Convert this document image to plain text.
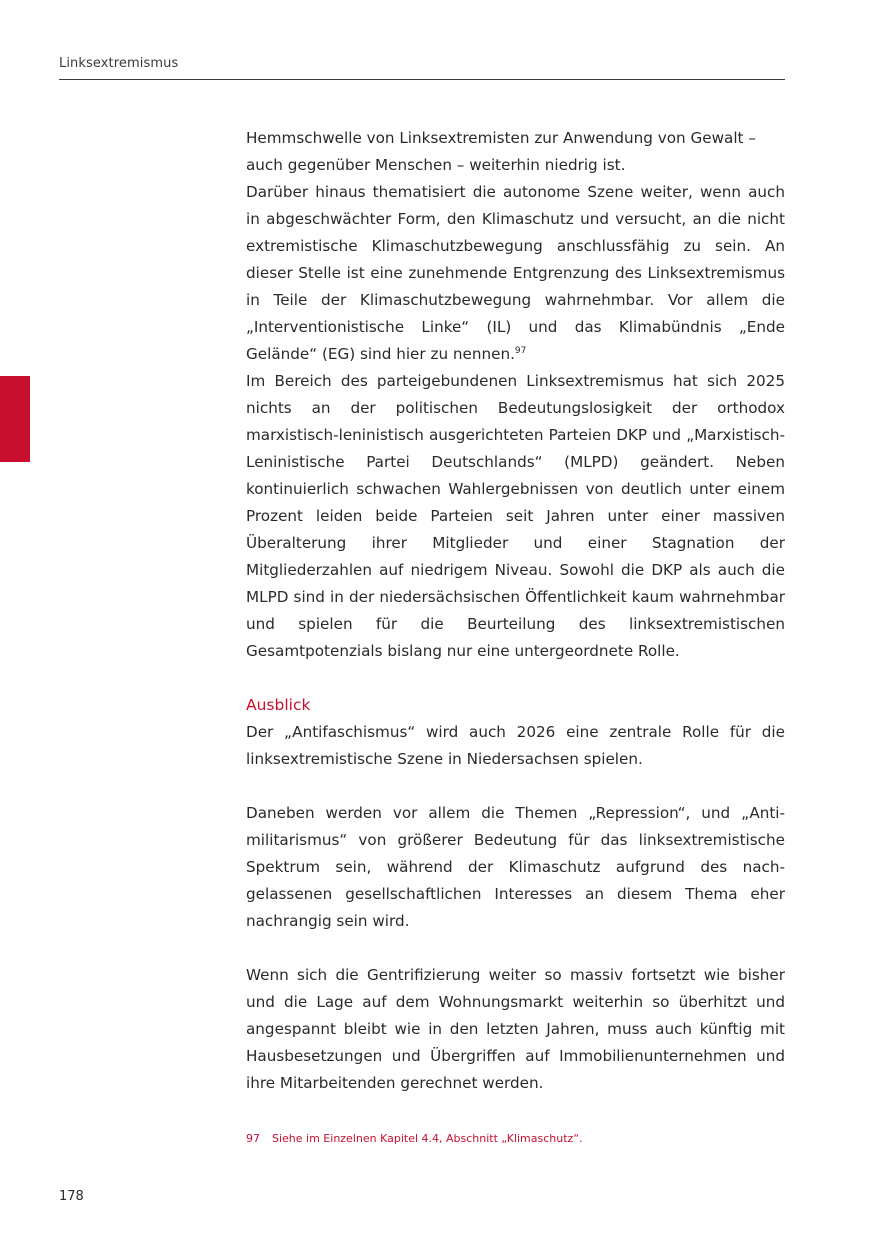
Linksextremismus

Hemmschwelle von Linksextremisten zur Anwendung von Gewalt – auch gegenüber Menschen – weiterhin niedrig ist.

Darüber hinaus thematisiert die autonome Szene weiter, wenn auch in abgeschwächter Form, den Klimaschutz und versucht, an die nicht extremistische Klimaschutzbewegung anschlussfähig zu sein. An dieser Stelle ist eine zunehmende Entgrenzung des Linksextremismus in Teile der Klimaschutzbewegung wahrnehmbar. Vor allem die „Interventionistische Linke“ (IL) und das Klimabündnis „Ende Gelände“ (EG) sind hier zu nennen.$^{97}$

Im Bereich des parteigebundenen Linksextremismus hat sich 2025 nichts an der politischen Bedeutungslosigkeit der orthodox marxistisch-leninistisch ausgerichteten Parteien DKP und „Marxistisch-Leninistische Partei Deutschlands“ (MLPD) geändert. Neben kontinuierlich schwachen Wahlergebnissen von deutlich unter einem Prozent leiden beide Parteien seit Jahren unter einer massiven Überalterung ihrer Mitglieder und einer Stagnation der Mitgliederzahlen auf niedrigem Niveau. Sowohl die DKP als auch die MLPD sind in der niedersächsischen Öffentlichkeit kaum wahrnehmbar und spielen für die Beurteilung des linksextremistischen Gesamtpotenzials bislang nur eine untergeordnete Rolle.

Ausblick

Der „Antifaschismus“ wird auch 2026 eine zentrale Rolle für die linksextremistische Szene in Niedersachsen spielen.

Daneben werden vor allem die Themen „Repression“, und „Antimilitarismus“ von größerer Bedeutung für das linksextremistische Spektrum sein, während der Klimaschutz aufgrund des nachgelassenen gesellschaftlichen Interesses an diesem Thema eher nachrangig sein wird.

Wenn sich die Gentrifizierung weiter so massiv fortsetzt wie bisher und die Lage auf dem Wohnungsmarkt weiterhin so überhitzt und angespannt bleibt wie in den letzten Jahren, muss auch künftig mit Hausbesetzungen und Übergriffen auf Immobilienunternehmen und ihre Mitarbeitenden gerechnet werden.

97 Siehe im Einzelnen Kapitel 4.4, Abschnitt „Klimaschutz“.
178
